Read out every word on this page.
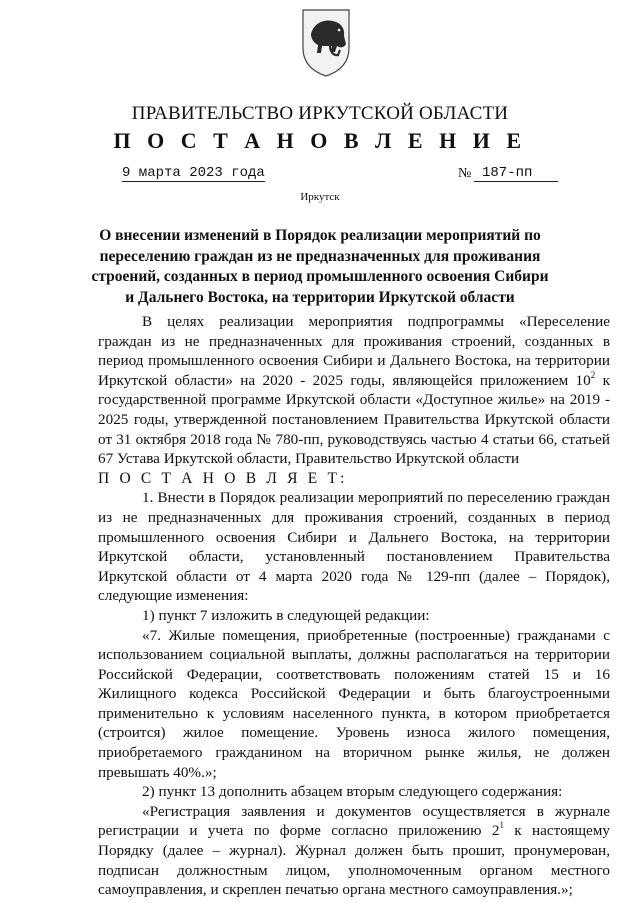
ПРАВИТЕЛЬСТВО ИРКУТСКОЙ ОБЛАСТИ
П О С Т А Н О В Л Е Н И Е
9 марта 2023 года	№ 187-пп
Иркутск
О внесении изменений в Порядок реализации мероприятий по переселению граждан из не предназначенных для проживания строений, созданных в период промышленного освоения Сибири и Дальнего Востока, на территории Иркутской области

В целях реализации мероприятия подпрограммы «Переселение граждан из не предназначенных для проживания строений, созданных в период промышленного освоения Сибири и Дальнего Востока, на территории Иркутской области» на 2020 - 2025 годы, являющейся приложением $10^2$ к государственной программе Иркутской области «Доступное жилье» на 2019 - 2025 годы, утвержденной постановлением Правительства Иркутской области от 31 октября 2018 года № 780-пп, руководствуясь частью 4 статьи 66, статьей 67 Устава Иркутской области, Правительство Иркутской области

П О С Т А Н О В Л Я Е Т:

1. Внести в Порядок реализации мероприятий по переселению граждан из не предназначенных для проживания строений, созданных в период промышленного освоения Сибири и Дальнего Востока, на территории Иркутской области, установленный постановлением Правительства Иркутской области от 4 марта 2020 года № 129-пп (далее – Порядок), следующие изменения:

1) пункт 7 изложить в следующей редакции:

«7. Жилые помещения, приобретенные (построенные) гражданами с использованием социальной выплаты, должны располагаться на территории Российской Федерации, соответствовать положениям статей 15 и 16 Жилищного кодекса Российской Федерации и быть благоустроенными применительно к условиям населенного пункта, в котором приобретается (строится) жилое помещение. Уровень износа жилого помещения, приобретаемого гражданином на вторичном рынке жилья, не должен превышать 40%.»;

2) пункт 13 дополнить абзацем вторым следующего содержания:

«Регистрация заявления и документов осуществляется в журнале регистрации и учета по форме согласно приложению $2^1$ к настоящему Порядку (далее – журнал). Журнал должен быть прошит, пронумерован, подписан должностным лицом, уполномоченным органом местного самоуправления, и скреплен печатью органа местного самоуправления.»;
